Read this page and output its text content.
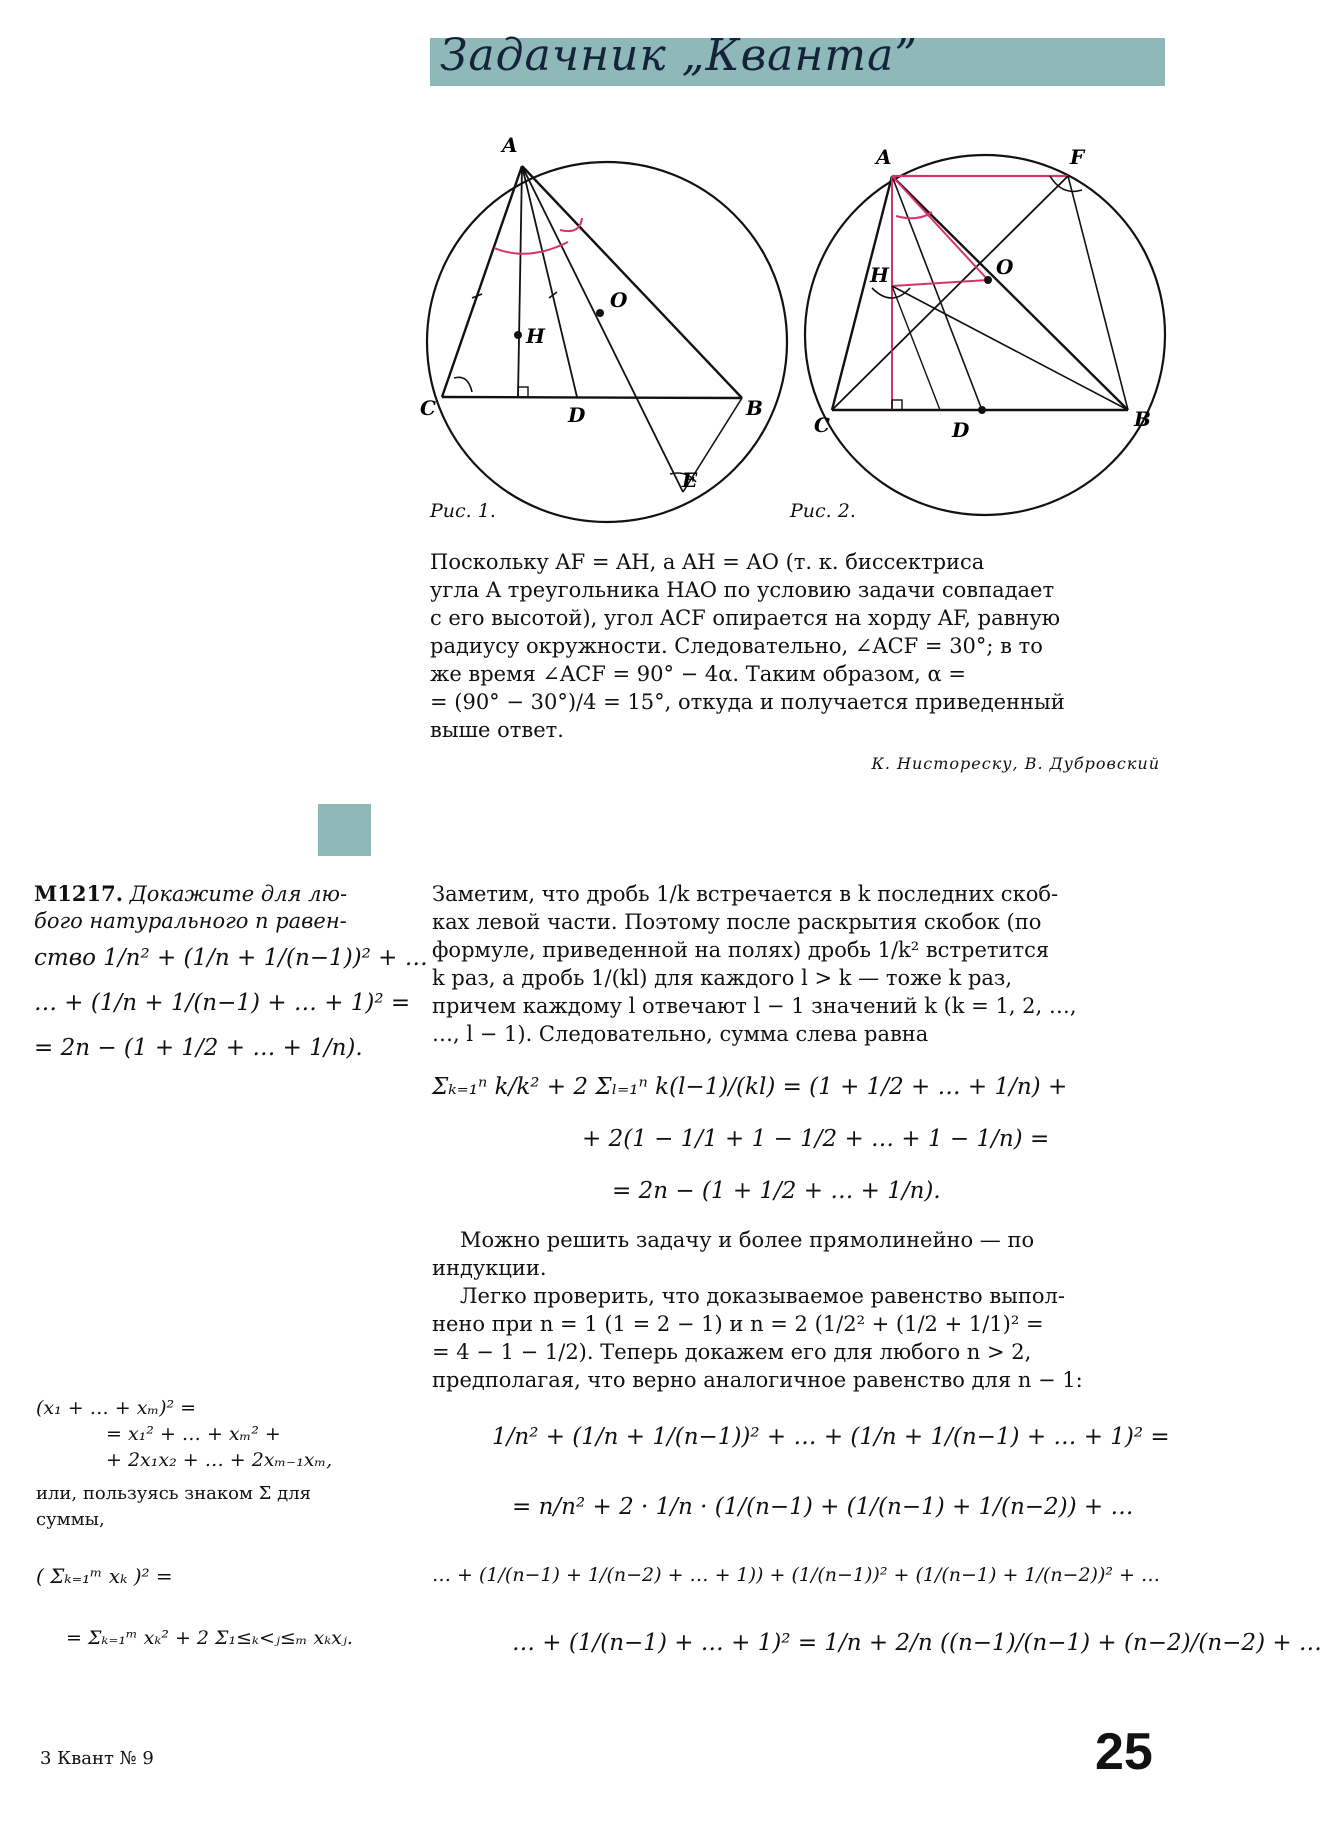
Задачник „Кванта”
A
C	D	B
H
O
E
Рис. 1.
A	F
C	D	B
H	O
Рис. 2.
Поскольку AF = AH, а AH = AO (т. к. биссектриса
угла A треугольника HAO по условию задачи совпадает
с его высотой), угол ACF опирается на хорду AF, равную
радиусу окружности. Следовательно, ∠ACF = 30°; в то
же время ∠ACF = 90° − 4α. Таким образом, α =
= (90° − 30°)/4 = 15°, откуда и получается приведенный
выше ответ.
К. Нистореску, В. Дубровский
М1217. Докажите для лю-
бого натурального n равен-
ство 1/n² + (1/n + 1/(n−1))² + …
… + (1/n + 1/(n−1) + … + 1)² =
= 2n − (1 + 1/2 + … + 1/n).
Заметим, что дробь 1/k встречается в k последних скоб-
ках левой части. Поэтому после раскрытия скобок (по
формуле, приведенной на полях) дробь 1/k² встретится
k раз, а дробь 1/(kl) для каждого l > k — тоже k раз,
причем каждому l отвечают l − 1 значений k (k = 1, 2, …,
…, l − 1). Следовательно, сумма слева равна
Σₖ₌₁ⁿ k/k² + 2 Σₗ₌₁ⁿ k(l−1)/(kl) = (1 + 1/2 + … + 1/n) +
+ 2(1 − 1/1 + 1 − 1/2 + … + 1 − 1/n) =
= 2n − (1 + 1/2 + … + 1/n).
Можно решить задачу и более прямолинейно — по
индукции.
Легко проверить, что доказываемое равенство выпол-
нено при n = 1 (1 = 2 − 1) и n = 2 (1/2² + (1/2 + 1/1)² =
= 4 − 1 − 1/2). Теперь докажем его для любого n > 2,
предполагая, что верно аналогичное равенство для n − 1:
1/n² + (1/n + 1/(n−1))² + … + (1/n + 1/(n−1) + … + 1)² =
= n/n² + 2 · 1/n · (1/(n−1) + (1/(n−1) + 1/(n−2)) + …
… + (1/(n−1) + 1/(n−2) + … + 1)) + (1/(n−1))² + (1/(n−1) + 1/(n−2))² + …
… + (1/(n−1) + … + 1)² = 1/n + 2/n ((n−1)/(n−1) + (n−2)/(n−2) + …
(x₁ + … + xₘ)² =
= x₁² + … + xₘ² +
+ 2x₁x₂ + … + 2xₘ₋₁xₘ,
или, пользуясь знаком Σ для
суммы,
( Σₖ₌₁ᵐ xₖ )² =
= Σₖ₌₁ᵐ xₖ² + 2 Σ₁≤ₖ<ⱼ≤ₘ xₖxⱼ.
3 Квант № 9	25
